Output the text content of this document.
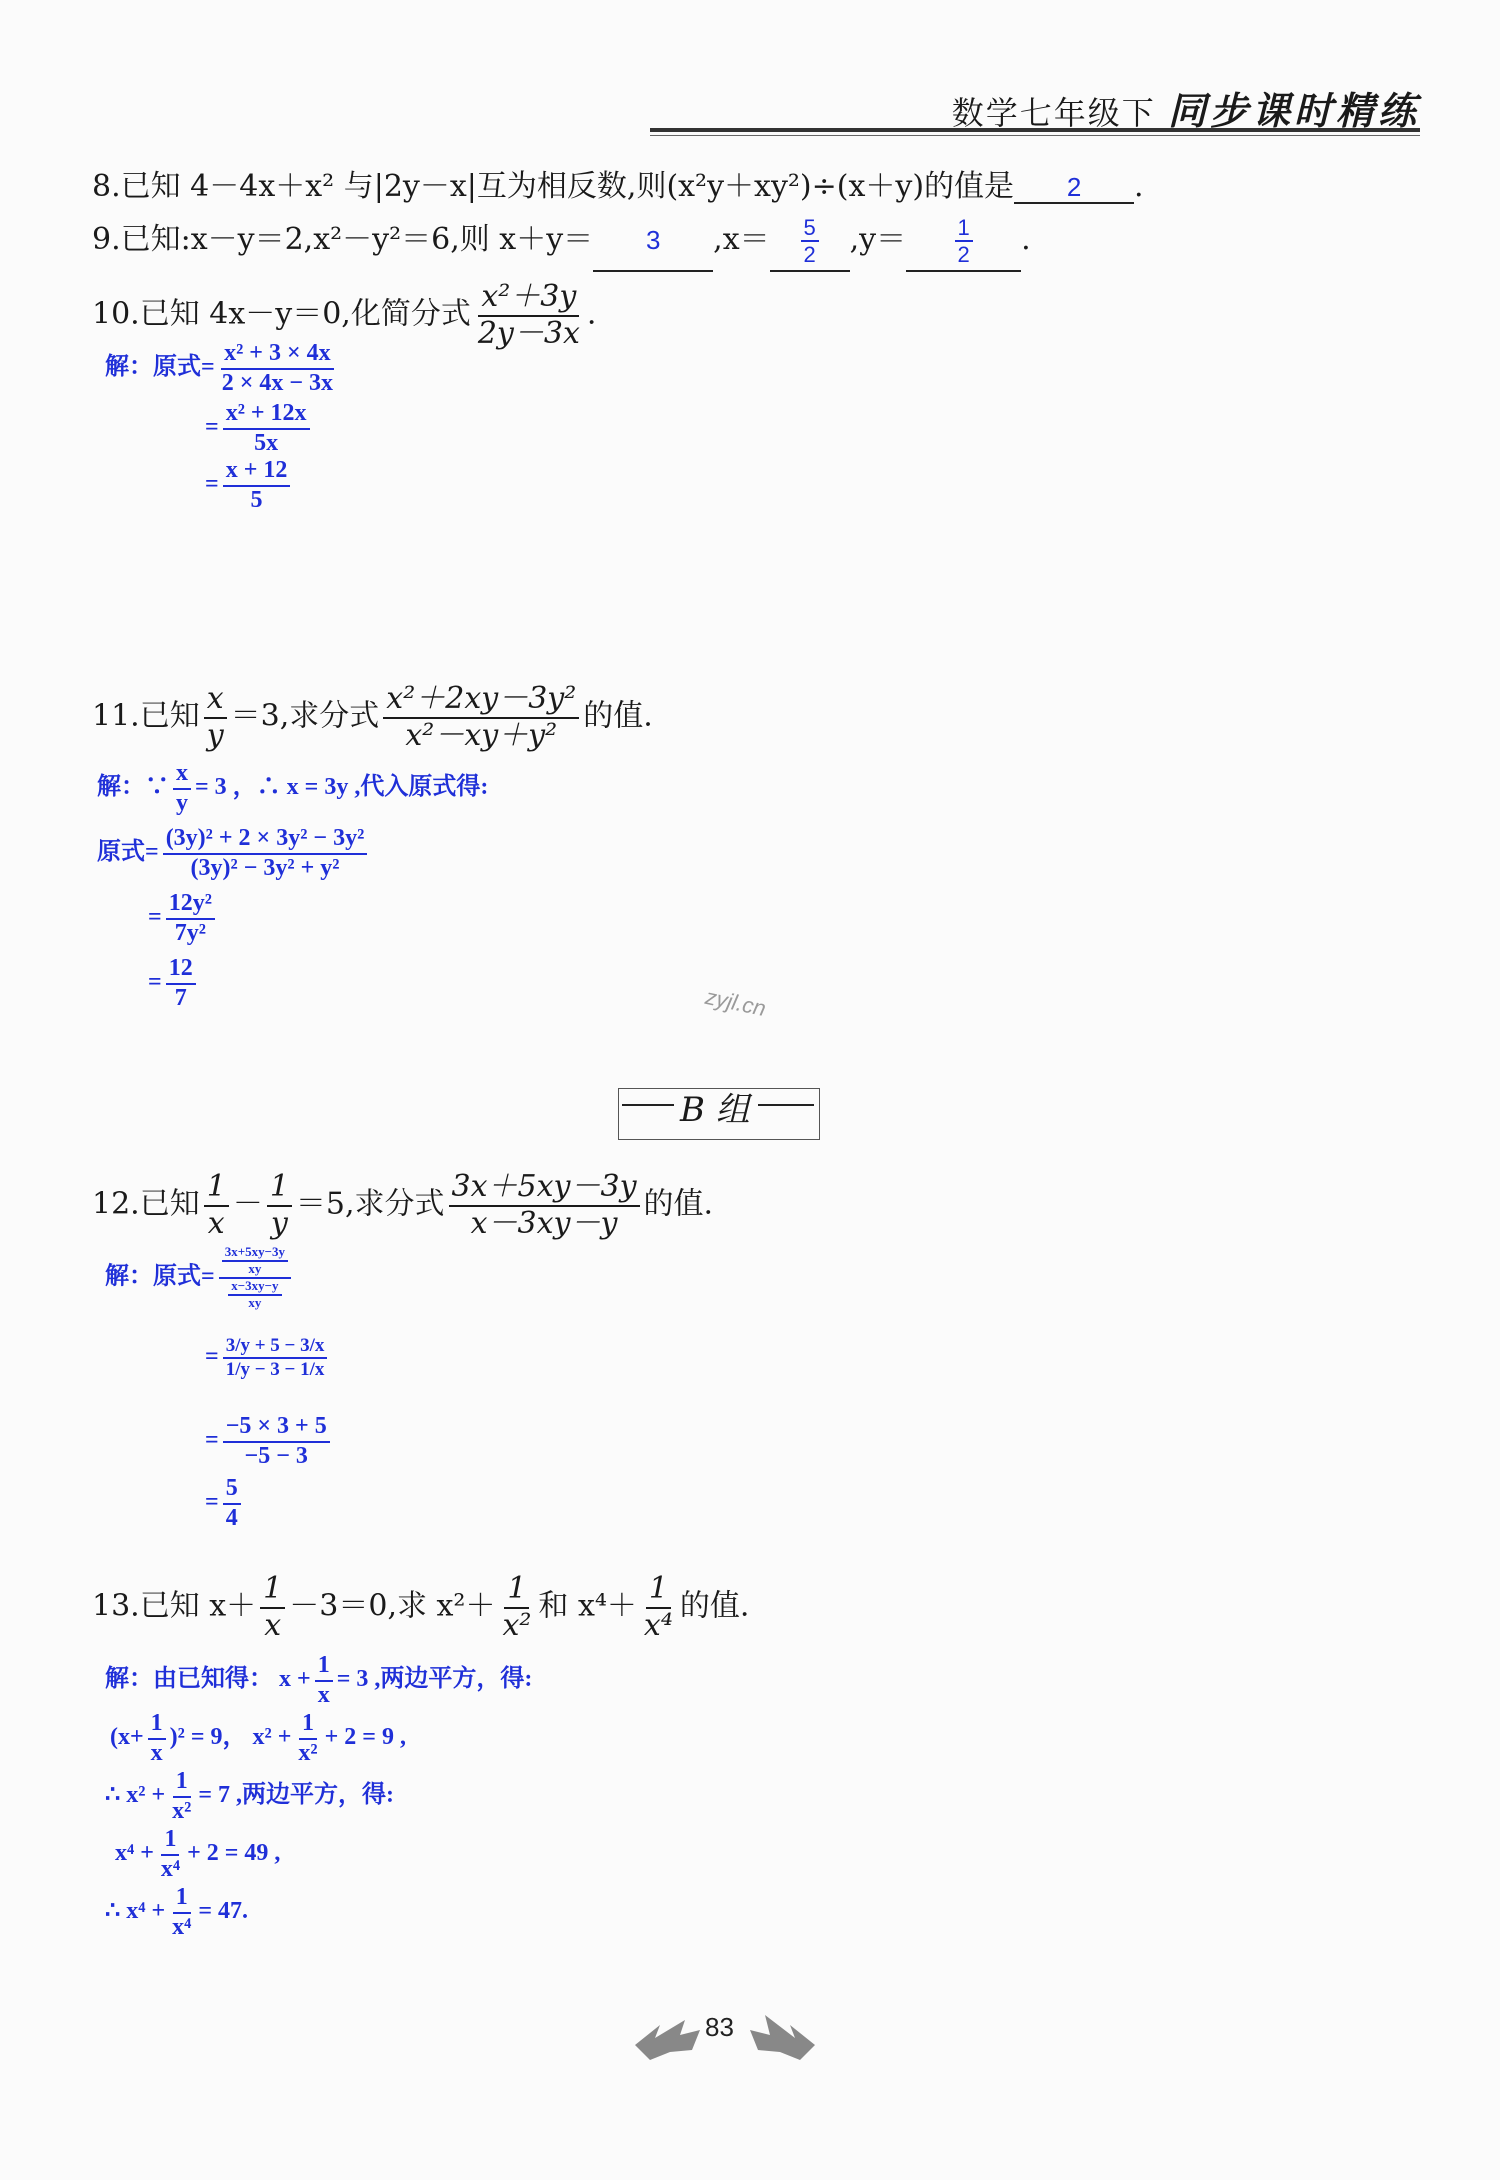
数学七年级下 同步课时精练
8.已知 4－4x＋x² 与|2y－x|互为相反数,则(x²y＋xy²)÷(x＋y)的值是 2 .
9.已知:x－y＝2,x²－y²＝6,则 x＋y＝ 3 $,x= \frac{5}{2} ,y= \frac{1}{2}$ .
10.已知 4x－y＝0,化简分式 $\frac{\text{x²＋3y}}{2y-3x}$ .
解：原式= $\frac{\text{x² + 3 × 4x}}{2 \times 4x - 3x}$
= $\frac{\text{x² + 12x}}{5x}$
= $\frac{x + 12}{5}$
11.已知 $\frac{x}{y} =3$,求分式 $\frac{\text{x²＋2xy－3y²}}{\text{x²－xy＋y²}}$ 的值.
解：∵ $\frac{x}{y} = 3$ ，∴ x = 3y ,代入原式得:
原式= $\frac{\text{(3y)² + 2 × 3y² − 3y²}}{\text{(3y)² − 3y² + y²}}$
= $\frac{\text{12y²}}{\text{7y²}}$
= $\frac{12}{7}$	zyjl.cn
B 组
12.已知 $\frac{1}{x} - \frac{1}{y} =5$,求分式 $\frac{3x+5xy-3y}{x-3xy-y}$ 的值.
解：原式= $\frac{\frac{3x+5xy-3y}{xy}}{\frac{x-3xy-y}{xy}}$
= $\frac{3/y + 5 - 3/x}{1/y - 3 - 1/x}$
= $\frac{-5 \times 3 + 5}{-5 - 3}$
= $\frac{5}{4}$
13.已知 $x+ \frac{1}{x} -3=0$,求 $x^2+ \frac{1}{\text{x²}}$ 和 $x^4+ \frac{1}{\text{x⁴}}$ 的值.
解：由已知得： $x + \frac{1}{x} = 3$ ,两边平方，得:
$(x+ \frac{1}{x} )^2 = 9$， $x^2 + \frac{1}{\text{x²}} + 2 = 9$ ,
∴ $x^2 + \frac{1}{\text{x²}} = 7$ ,两边平方，得:
$x^4 + \frac{1}{\text{x⁴}} + 2 = 49$ ,
∴ $x^4 + \frac{1}{\text{x⁴}} = 47$.
83
